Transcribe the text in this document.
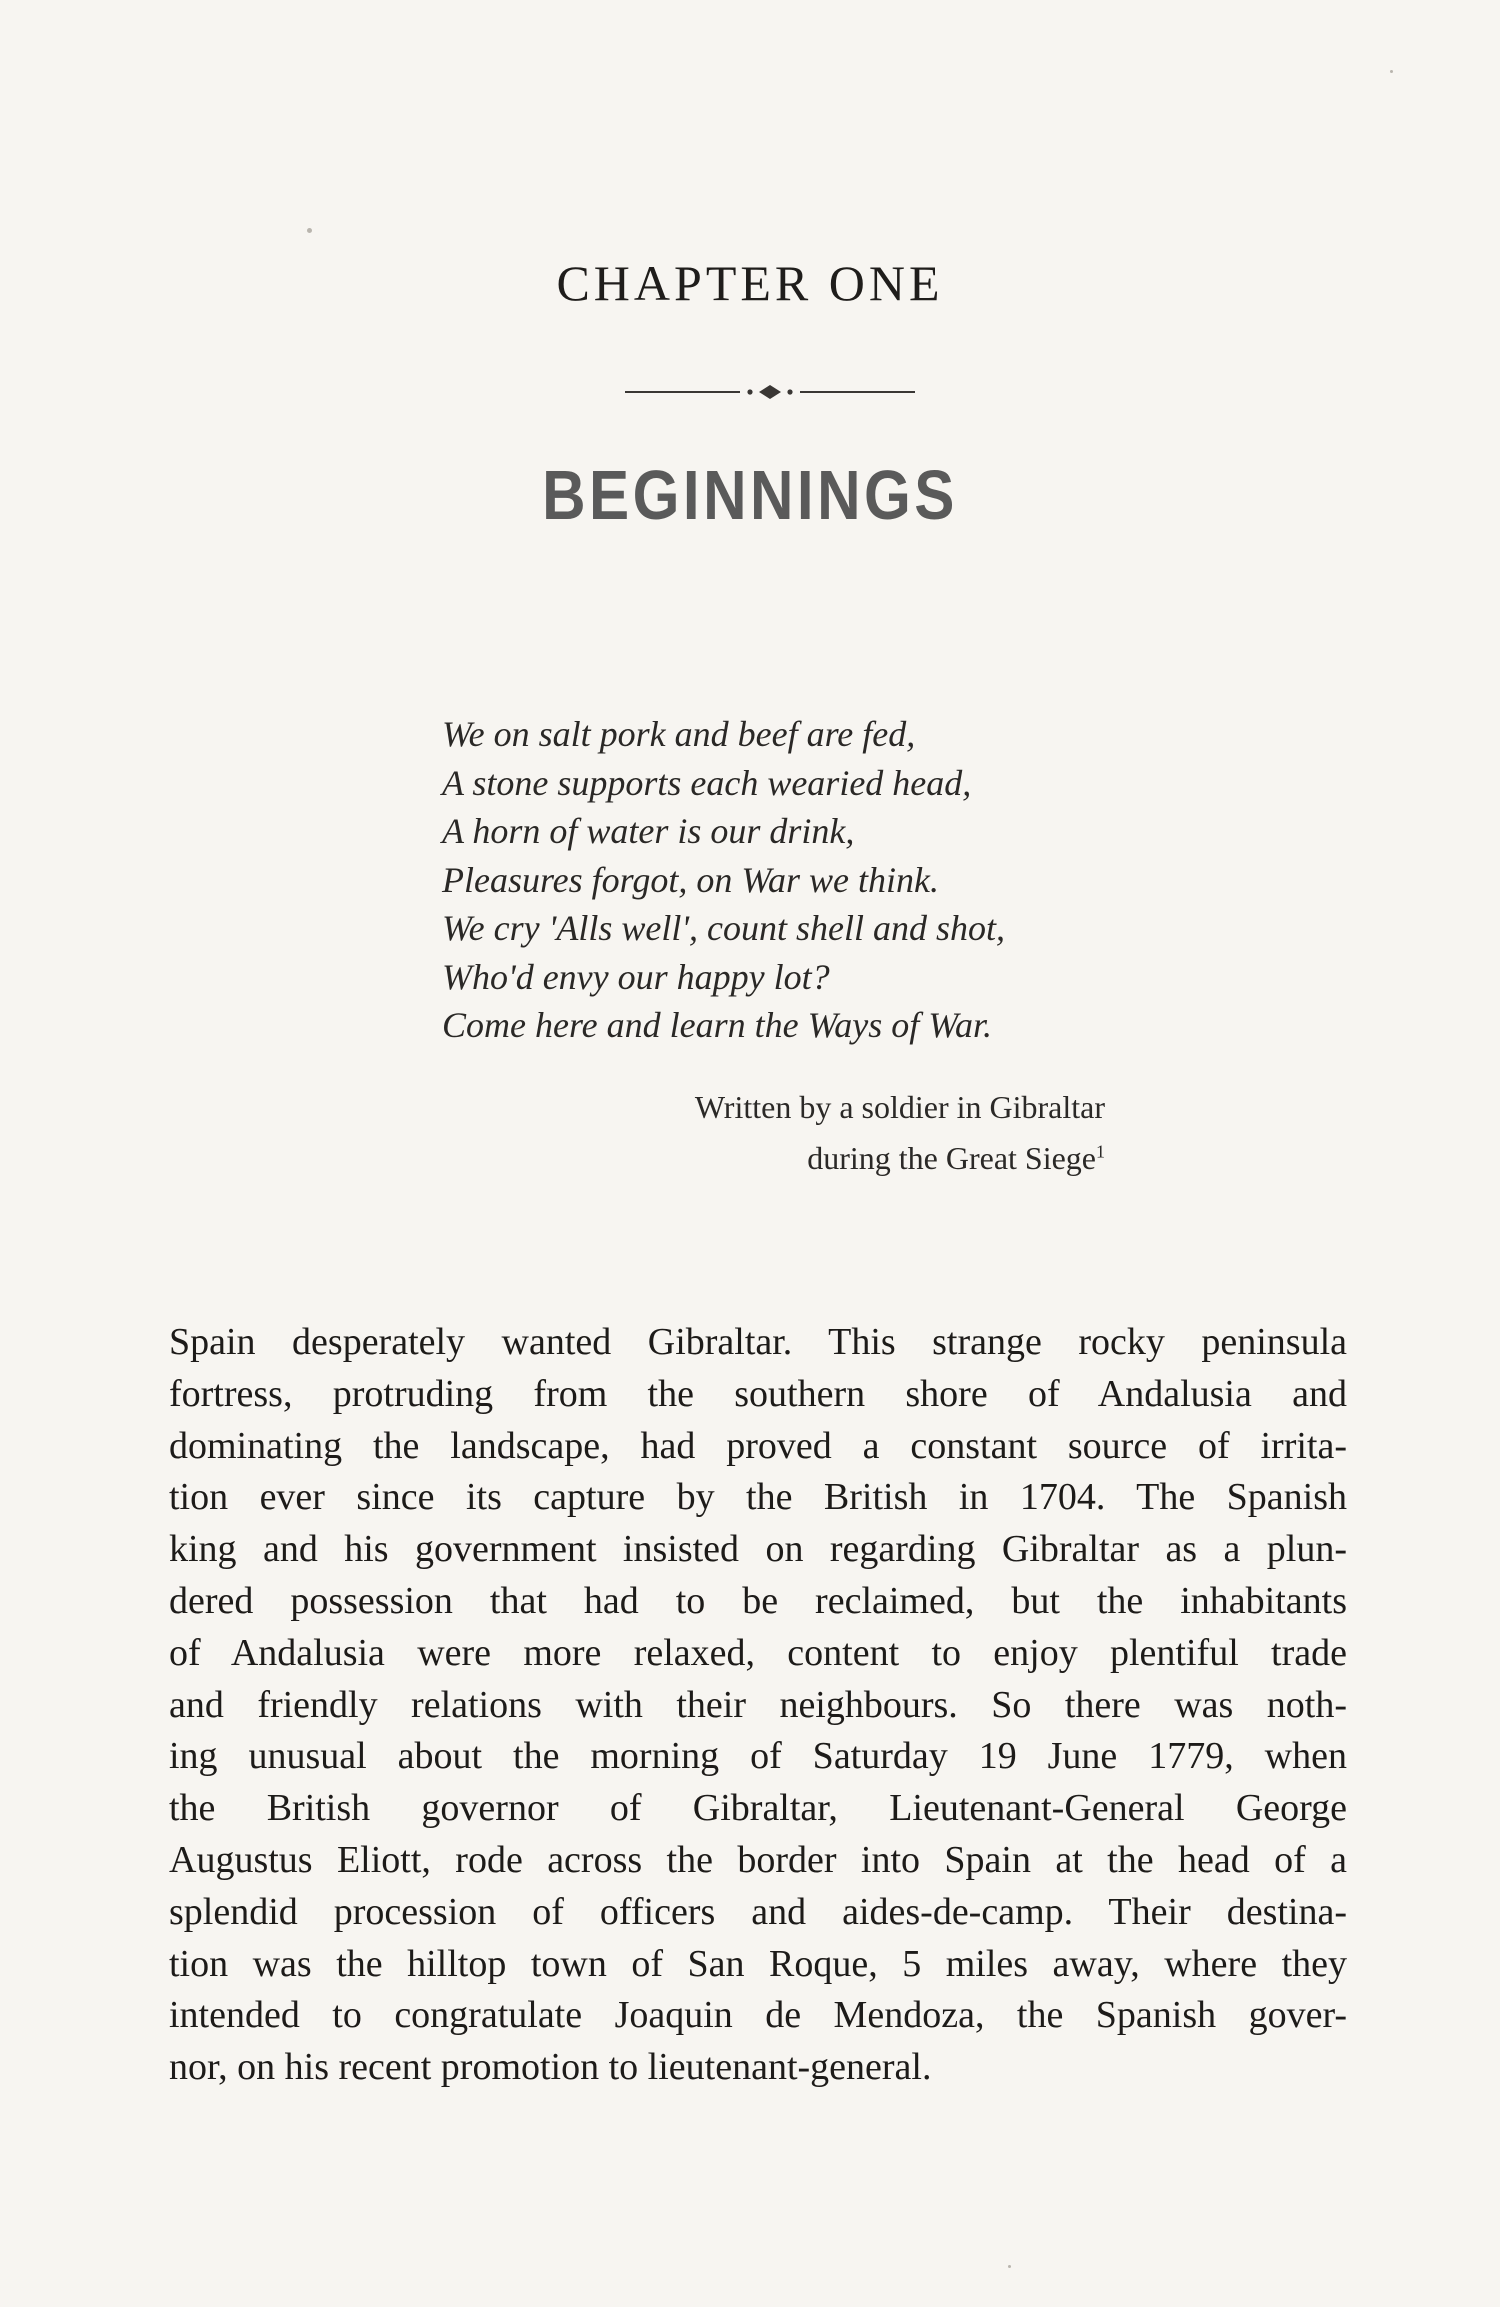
CHAPTER ONE
BEGINNINGS
We on salt pork and beef are fed,
A stone supports each wearied head,
A horn of water is our drink,
Pleasures forgot, on War we think.
We cry 'Alls well', count shell and shot,
Who'd envy our happy lot?
Come here and learn the Ways of War.
Written by a soldier in Gibraltar
during the Great Siege$^1$
Spain desperately wanted Gibraltar. This strange rocky peninsula
fortress, protruding from the southern shore of Andalusia and
dominating the landscape, had proved a constant source of irrita-
tion ever since its capture by the British in 1704. The Spanish
king and his government insisted on regarding Gibraltar as a plun-
dered possession that had to be reclaimed, but the inhabitants
of Andalusia were more relaxed, content to enjoy plentiful trade
and friendly relations with their neighbours. So there was noth-
ing unusual about the morning of Saturday 19 June 1779, when
the British governor of Gibraltar, Lieutenant-General George
Augustus Eliott, rode across the border into Spain at the head of a
splendid procession of officers and aides-de-camp. Their destina-
tion was the hilltop town of San Roque, 5 miles away, where they
intended to congratulate Joaquin de Mendoza, the Spanish gover-
nor, on his recent promotion to lieutenant-general.
